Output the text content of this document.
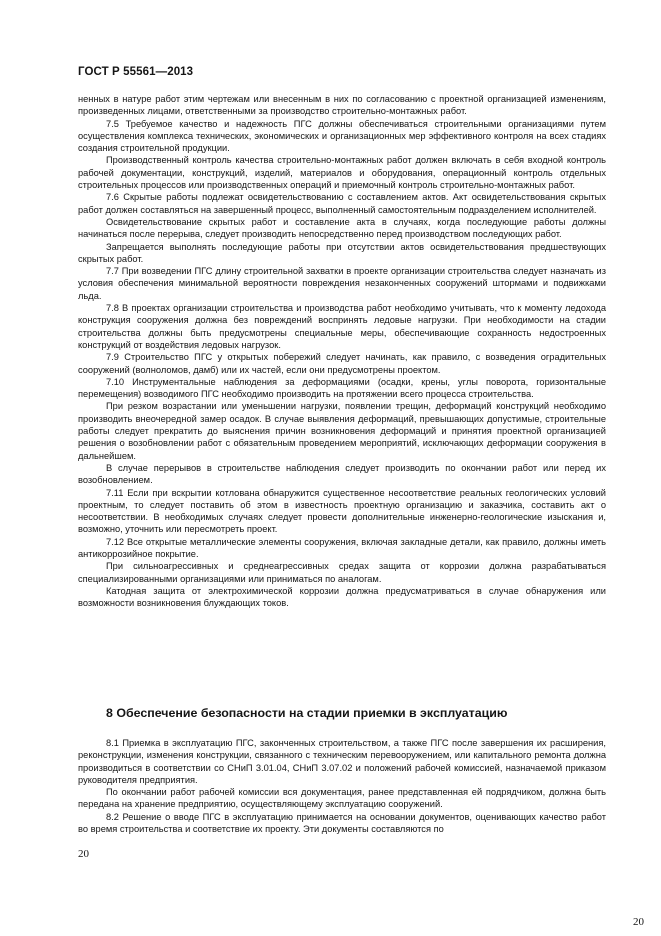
ГОСТ Р 55561—2013

ненных в натуре работ этим чертежам или внесенным в них по согласованию с проектной организацией изменениям, произведенных лицами, ответственными за производство строительно-монтажных работ.

7.5 Требуемое качество и надежность ПГС должны обеспечиваться строительными организациями путем осуществления комплекса технических, экономических и организационных мер эффективного контроля на всех стадиях создания строительной продукции.

Производственный контроль качества строительно-монтажных работ должен включать в себя входной контроль рабочей документации, конструкций, изделий, материалов и оборудования, операционный контроль отдельных строительных процессов или производственных операций и приемочный контроль строительно-монтажных работ.

7.6 Скрытые работы подлежат освидетельствованию с составлением актов. Акт освидетельствования скрытых работ должен составляться на завершенный процесс, выполненный самостоятельным подразделением исполнителей.

Освидетельствование скрытых работ и составление акта в случаях, когда последующие работы должны начинаться после перерыва, следует производить непосредственно перед производством последующих работ.

Запрещается выполнять последующие работы при отсутствии актов освидетельствования предшествующих скрытых работ.

7.7 При возведении ПГС длину строительной захватки в проекте организации строительства следует назначать из условия обеспечения минимальной вероятности повреждения незаконченных сооружений штормами и подвижками льда.

7.8 В проектах организации строительства и производства работ необходимо учитывать, что к моменту ледохода конструкция сооружения должна без повреждений воспринять ледовые нагрузки. При необходимости на стадии строительства должны быть предусмотрены специальные меры, обеспечивающие сохранность недостроенных конструкций от воздействия ледовых нагрузок.

7.9 Строительство ПГС у открытых побережий следует начинать, как правило, с возведения оградительных сооружений (волноломов, дамб) или их частей, если они предусмотрены проектом.

7.10 Инструментальные наблюдения за деформациями (осадки, крены, углы поворота, горизонтальные перемещения) возводимого ПГС необходимо производить на протяжении всего процесса строительства.

При резком возрастании или уменьшении нагрузки, появлении трещин, деформаций конструкций необходимо производить внеочередной замер осадок. В случае выявления деформаций, превышающих допустимые, строительные работы следует прекратить до выяснения причин возникновения деформаций и принятия проектной организацией решения о возобновлении работ с обязательным проведением мероприятий, исключающих деформации сооружения в дальнейшем.

В случае перерывов в строительстве наблюдения следует производить по окончании работ или перед их возобновлением.

7.11 Если при вскрытии котлована обнаружится существенное несоответствие реальных геологических условий проектным, то следует поставить об этом в известность проектную организацию и заказчика, составить акт о несоответствии. В необходимых случаях следует провести дополнительные инженерно-геологические изыскания и, возможно, уточнить или пересмотреть проект.

7.12 Все открытые металлические элементы сооружения, включая закладные детали, как правило, должны иметь антикоррозийное покрытие.

При сильноагрессивных и среднеагрессивных средах защита от коррозии должна разрабатываться специализированными организациями или приниматься по аналогам.

Катодная защита от электрохимической коррозии должна предусматриваться в случае обнаружения или возможности возникновения блуждающих токов.

8 Обеспечение безопасности на стадии приемки в эксплуатацию

8.1 Приемка в эксплуатацию ПГС, законченных строительством, а также ПГС после завершения их расширения, реконструкции, изменения конструкции, связанного с техническим перевооружением, или капитального ремонта должна производиться в соответствии со СНиП 3.01.04, СНиП 3.07.02 и положений рабочей комиссией, назначаемой приказом руководителя предприятия.

По окончании работ рабочей комиссии вся документация, ранее представленная ей подрядчиком, должна быть передана на хранение предприятию, осуществляющему эксплуатацию сооружений.

8.2 Решение о вводе ПГС в эксплуатацию принимается на основании документов, оценивающих качество работ во время строительства и соответствие их проекту. Эти документы составляются по

20
20
